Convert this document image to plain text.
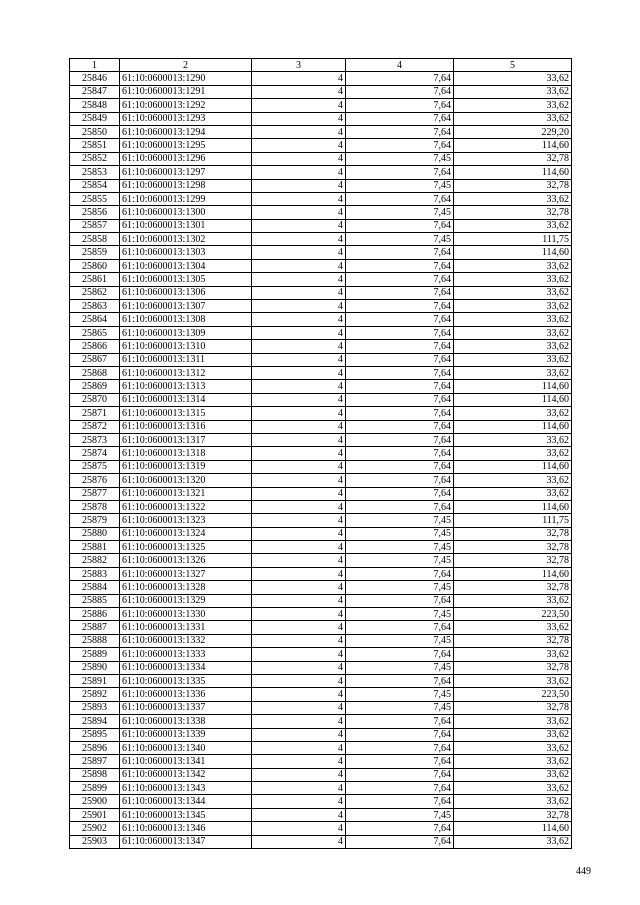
1	2	3	4	5
25846	61:10:0600013:1290	4	7,64	33,62
25847	61:10:0600013:1291	4	7,64	33,62
25848	61:10:0600013:1292	4	7,64	33,62
25849	61:10:0600013:1293	4	7,64	33,62
25850	61:10:0600013:1294	4	7,64	229,20
25851	61:10:0600013:1295	4	7,64	114,60
25852	61:10:0600013:1296	4	7,45	32,78
25853	61:10:0600013:1297	4	7,64	114,60
25854	61:10:0600013:1298	4	7,45	32,78
25855	61:10:0600013:1299	4	7,64	33,62
25856	61:10:0600013:1300	4	7,45	32,78
25857	61:10:0600013:1301	4	7,64	33,62
25858	61:10:0600013:1302	4	7,45	111,75
25859	61:10:0600013:1303	4	7,64	114,60
25860	61:10:0600013:1304	4	7,64	33,62
25861	61:10:0600013:1305	4	7,64	33,62
25862	61:10:0600013:1306	4	7,64	33,62
25863	61:10:0600013:1307	4	7,64	33,62
25864	61:10:0600013:1308	4	7,64	33,62
25865	61:10:0600013:1309	4	7,64	33,62
25866	61:10:0600013:1310	4	7,64	33,62
25867	61:10:0600013:1311	4	7,64	33,62
25868	61:10:0600013:1312	4	7,64	33,62
25869	61:10:0600013:1313	4	7,64	114,60
25870	61:10:0600013:1314	4	7,64	114,60
25871	61:10:0600013:1315	4	7,64	33,62
25872	61:10:0600013:1316	4	7,64	114,60
25873	61:10:0600013:1317	4	7,64	33,62
25874	61:10:0600013:1318	4	7,64	33,62
25875	61:10:0600013:1319	4	7,64	114,60
25876	61:10:0600013:1320	4	7,64	33,62
25877	61:10:0600013:1321	4	7,64	33,62
25878	61:10:0600013:1322	4	7,64	114,60
25879	61:10:0600013:1323	4	7,45	111,75
25880	61:10:0600013:1324	4	7,45	32,78
25881	61:10:0600013:1325	4	7,45	32,78
25882	61:10:0600013:1326	4	7,45	32,78
25883	61:10:0600013:1327	4	7,64	114,60
25884	61:10:0600013:1328	4	7,45	32,78
25885	61:10:0600013:1329	4	7,64	33,62
25886	61:10:0600013:1330	4	7,45	223,50
25887	61:10:0600013:1331	4	7,64	33,62
25888	61:10:0600013:1332	4	7,45	32,78
25889	61:10:0600013:1333	4	7,64	33,62
25890	61:10:0600013:1334	4	7,45	32,78
25891	61:10:0600013:1335	4	7,64	33,62
25892	61:10:0600013:1336	4	7,45	223,50
25893	61:10:0600013:1337	4	7,45	32,78
25894	61:10:0600013:1338	4	7,64	33,62
25895	61:10:0600013:1339	4	7,64	33,62
25896	61:10:0600013:1340	4	7,64	33,62
25897	61:10:0600013:1341	4	7,64	33,62
25898	61:10:0600013:1342	4	7,64	33,62
25899	61:10:0600013:1343	4	7,64	33,62
25900	61:10:0600013:1344	4	7,64	33,62
25901	61:10:0600013:1345	4	7,45	32,78
25902	61:10:0600013:1346	4	7,64	114,60
25903	61:10:0600013:1347	4	7,64	33,62
449
